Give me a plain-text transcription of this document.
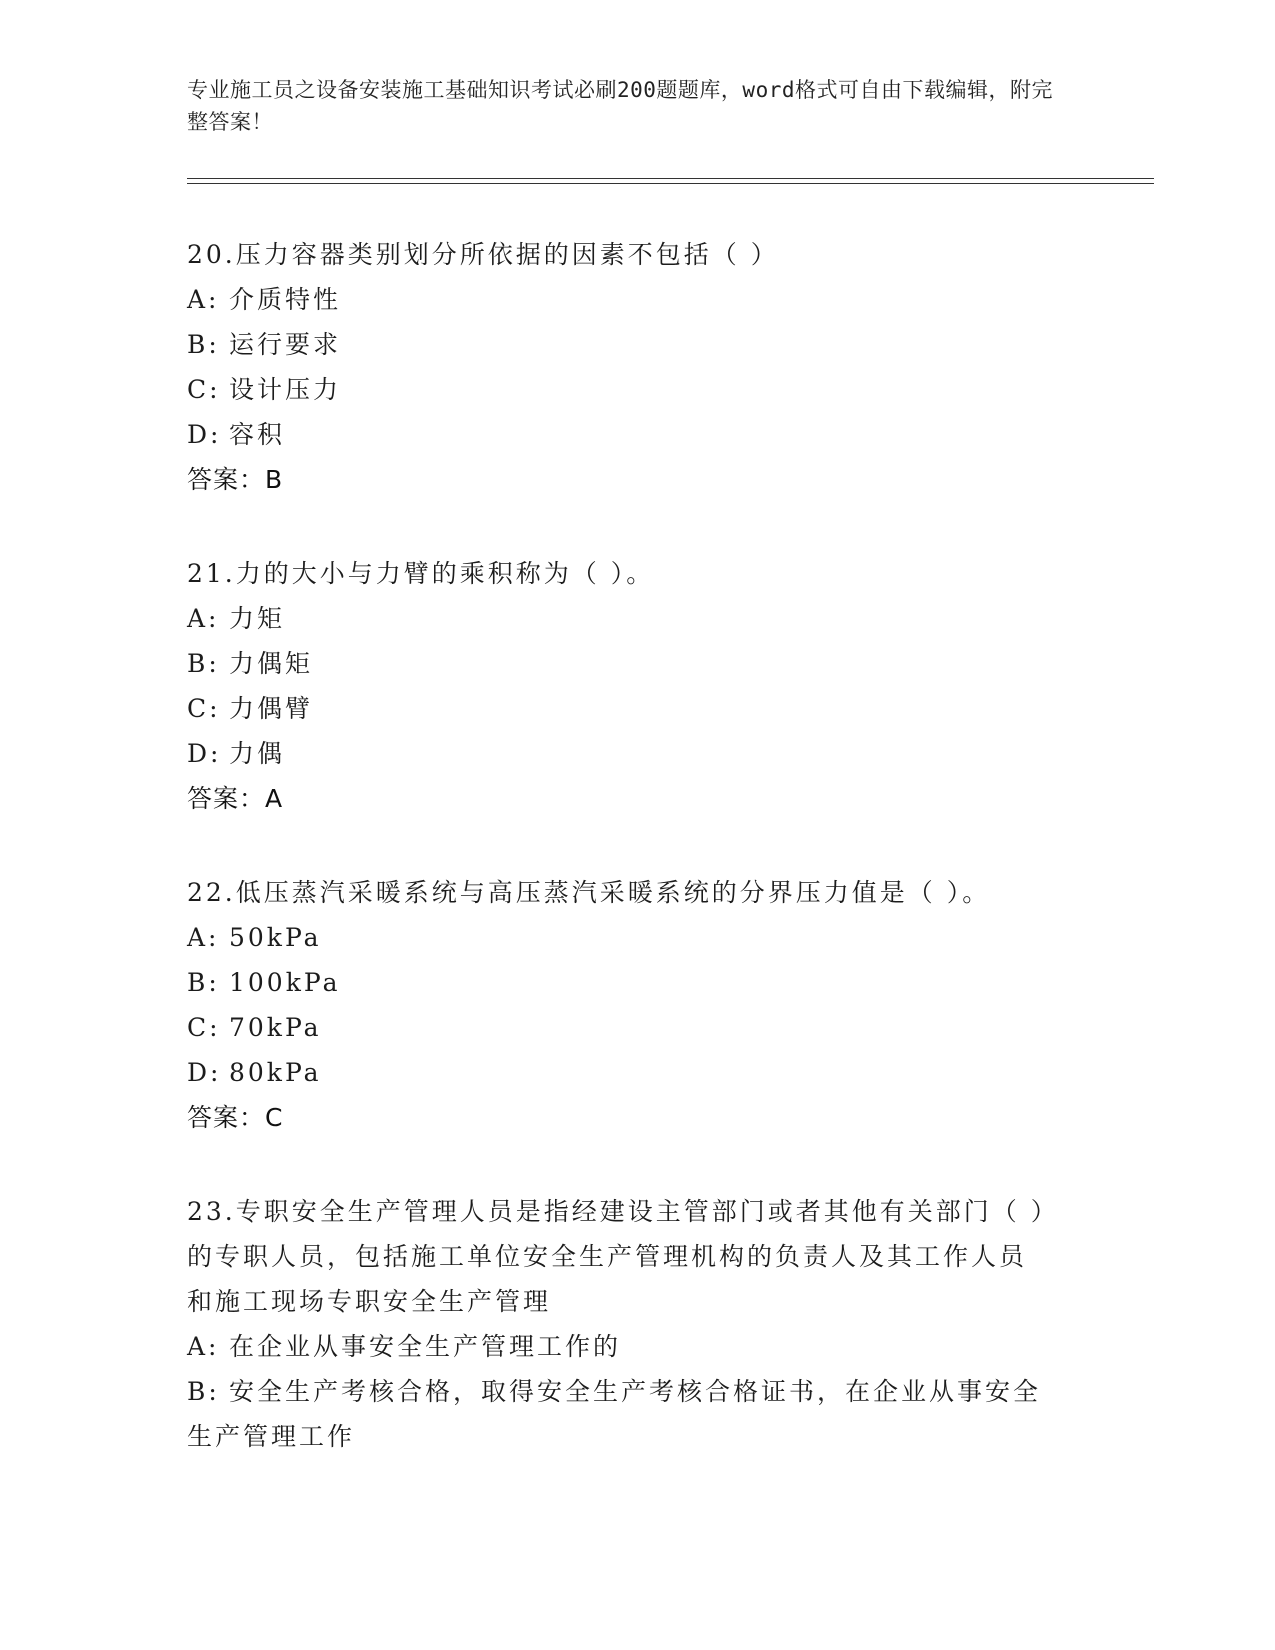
专业施工员之设备安装施工基础知识考试必刷200题题库，word格式可自由下载编辑，附完整答案！
20.压力容器类别划分所依据的因素不包括（ ）
A: 介质特性
B: 运行要求
C: 设计压力
D: 容积
答案：B
21.力的大小与力臂的乘积称为（ ）。
A: 力矩
B: 力偶矩
C: 力偶臂
D: 力偶
答案：A
22.低压蒸汽采暖系统与高压蒸汽采暖系统的分界压力值是（ ）。
A: 50kPa
B: 100kPa
C: 70kPa
D: 80kPa
答案：C
23.专职安全生产管理人员是指经建设主管部门或者其他有关部门（ ）的专职人员，包括施工单位安全生产管理机构的负责人及其工作人员和施工现场专职安全生产管理
A: 在企业从事安全生产管理工作的
B: 安全生产考核合格，取得安全生产考核合格证书，在企业从事安全生产管理工作
